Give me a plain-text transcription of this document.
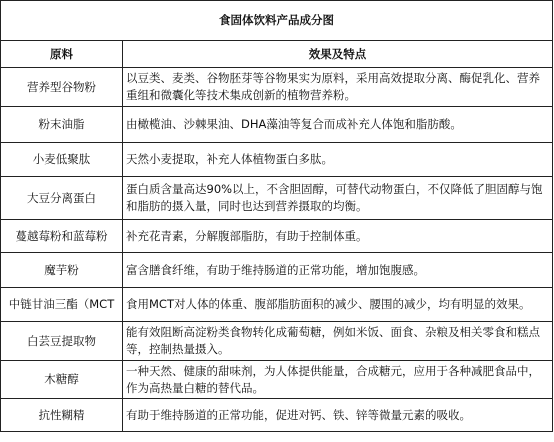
食固体饮料产品成分图	
原料	效果及特点
营养型谷物粉	以豆类、麦类、谷物胚芽等谷物果实为原料，采用高效提取分离、酶促乳化、营养重组和微囊化等技术集成创新的植物营养粉。
粉末油脂	由橄榄油、沙棘果油、DHA藻油等复合而成补充人体饱和脂肪酸。
小麦低聚肽	天然小麦提取，补充人体植物蛋白多肽。
大豆分离蛋白	蛋白质含量高达90%以上，不含胆固醇，可替代动物蛋白，不仅降低了胆固醇与饱和脂肪的摄入量，同时也达到营养摄取的均衡。
蔓越莓粉和蓝莓粉	补充花青素，分解腹部脂肪，有助于控制体重。
魔芋粉	富含膳食纤维，有助于维持肠道的正常功能，增加饱腹感。
中链甘油三酯（MCT	食用MCT对人体的体重、腹部脂肪面积的减少、腰围的减少，均有明显的效果。
白芸豆提取物	能有效阻断高淀粉类食物转化成葡萄糖，例如米饭、面食、杂粮及相关零食和糕点等，控制热量摄入。
木糖醇	一种天然、健康的甜味剂，为人体提供能量，合成糖元，应用于各种减肥食品中，作为高热量白糖的替代品。
抗性糊精	有助于维持肠道的正常功能，促进对钙、铁、锌等微量元素的吸收。
